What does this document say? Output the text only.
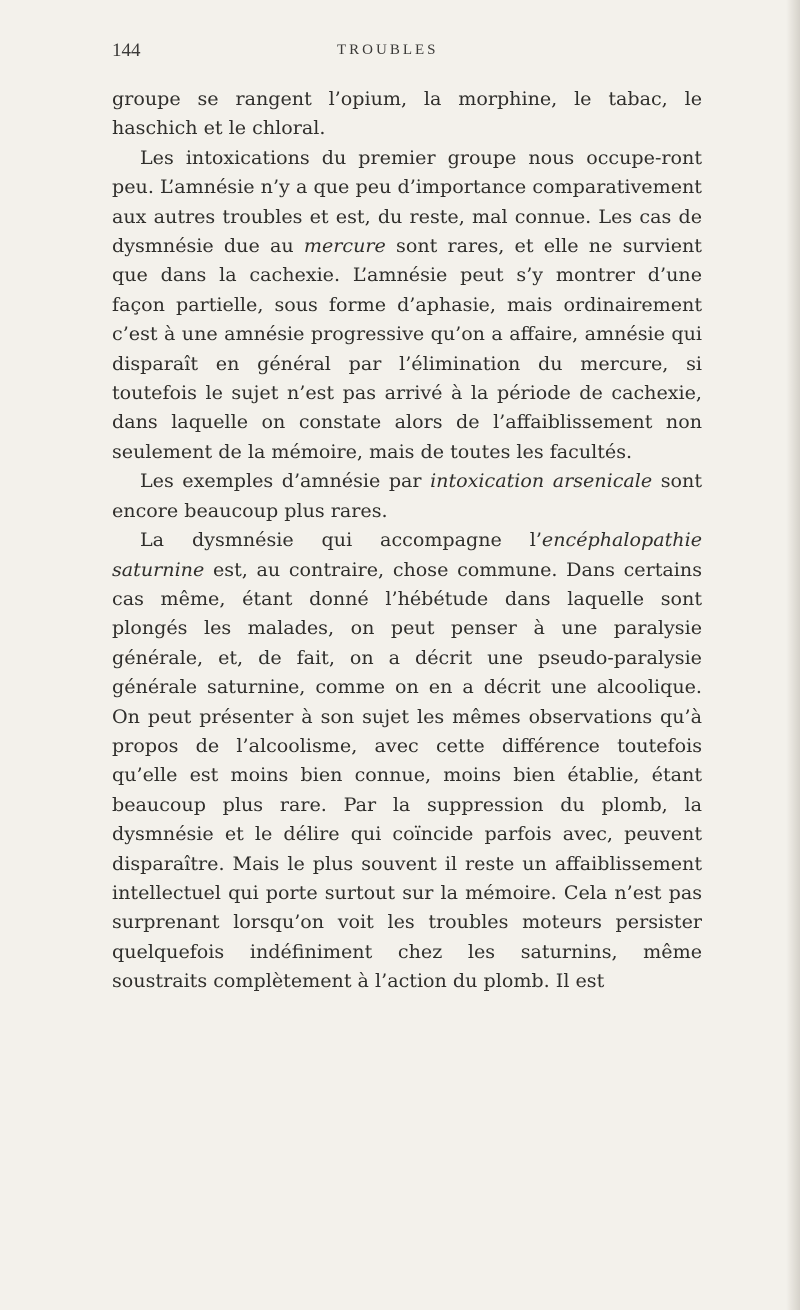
144	TROUBLES

groupe se rangent l’opium, la morphine, le tabac, le haschich et le chloral.

Les intoxications du premier groupe nous occupe-ront peu. L’amnésie n’y a que peu d’importance comparativement aux autres troubles et est, du reste, mal connue. Les cas de dysmnésie due au mercure sont rares, et elle ne survient que dans la cachexie. L’amnésie peut s’y montrer d’une façon partielle, sous forme d’aphasie, mais ordinairement c’est à une amnésie progressive qu’on a affaire, amnésie qui disparaît en général par l’élimination du mercure, si toutefois le sujet n’est pas arrivé à la période de cachexie, dans laquelle on constate alors de l’affaiblissement non seulement de la mémoire, mais de toutes les facultés.

Les exemples d’amnésie par intoxication arsenicale sont encore beaucoup plus rares.

La dysmnésie qui accompagne l’encéphalopathie saturnine est, au contraire, chose commune. Dans certains cas même, étant donné l’hébétude dans laquelle sont plongés les malades, on peut penser à une paralysie générale, et, de fait, on a décrit une pseudo-paralysie générale saturnine, comme on en a décrit une alcoolique. On peut présenter à son sujet les mêmes observations qu’à propos de l’alcoolisme, avec cette différence toutefois qu’elle est moins bien connue, moins bien établie, étant beaucoup plus rare. Par la suppression du plomb, la dysmnésie et le délire qui coïncide parfois avec, peuvent disparaître. Mais le plus souvent il reste un affaiblissement intellectuel qui porte surtout sur la mémoire. Cela n’est pas surprenant lorsqu’on voit les troubles moteurs persister quelquefois indéfiniment chez les saturnins, même soustraits complètement à l’action du plomb. Il est
